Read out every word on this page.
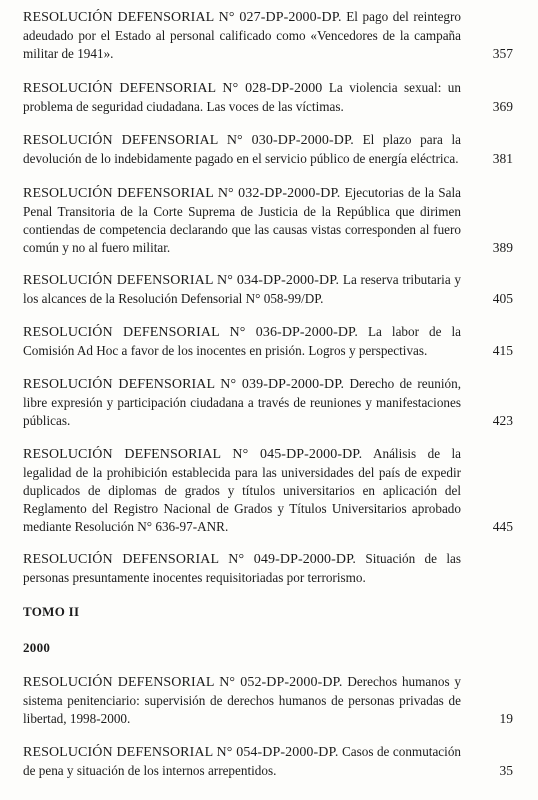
RESOLUCIÓN DEFENSORIAL N° 027-DP-2000-DP. El pago del reintegro adeudado por el Estado al personal calificado como «Vencedores de la campaña militar de 1941».	357
RESOLUCIÓN DEFENSORIAL N° 028-DP-2000 La violencia sexual: un problema de seguridad ciudadana. Las voces de las víctimas.	369
RESOLUCIÓN DEFENSORIAL N° 030-DP-2000-DP. El plazo para la devolución de lo indebidamente pagado en el servicio público de energía eléctrica.	381
RESOLUCIÓN DEFENSORIAL N° 032-DP-2000-DP. Ejecutorias de la Sala Penal Transitoria de la Corte Suprema de Justicia de la República que dirimen contiendas de competencia declarando que las causas vistas corresponden al fuero común y no al fuero militar.	389
RESOLUCIÓN DEFENSORIAL N° 034-DP-2000-DP. La reserva tributaria y los alcances de la Resolución Defensorial N° 058-99/DP.	405
RESOLUCIÓN DEFENSORIAL N° 036-DP-2000-DP. La labor de la Comisión Ad Hoc a favor de los inocentes en prisión. Logros y perspectivas.	415
RESOLUCIÓN DEFENSORIAL N° 039-DP-2000-DP. Derecho de reunión, libre expresión y participación ciudadana a través de reuniones y manifestaciones públicas.	423
RESOLUCIÓN DEFENSORIAL N° 045-DP-2000-DP. Análisis de la legalidad de la prohibición establecida para las universidades del país de expedir duplicados de diplomas de grados y títulos universitarios en aplicación del Reglamento del Registro Nacional de Grados y Títulos Universitarios aprobado mediante Resolución N° 636-97-ANR.	445
RESOLUCIÓN DEFENSORIAL N° 049-DP-2000-DP. Situación de las personas presuntamente inocentes requisitoriadas por terrorismo.
TOMO II
2000
RESOLUCIÓN DEFENSORIAL N° 052-DP-2000-DP. Derechos humanos y sistema penitenciario: supervisión de derechos humanos de personas privadas de libertad, 1998-2000.	19
RESOLUCIÓN DEFENSORIAL N° 054-DP-2000-DP. Casos de conmutación de pena y situación de los internos arrepentidos.	35
